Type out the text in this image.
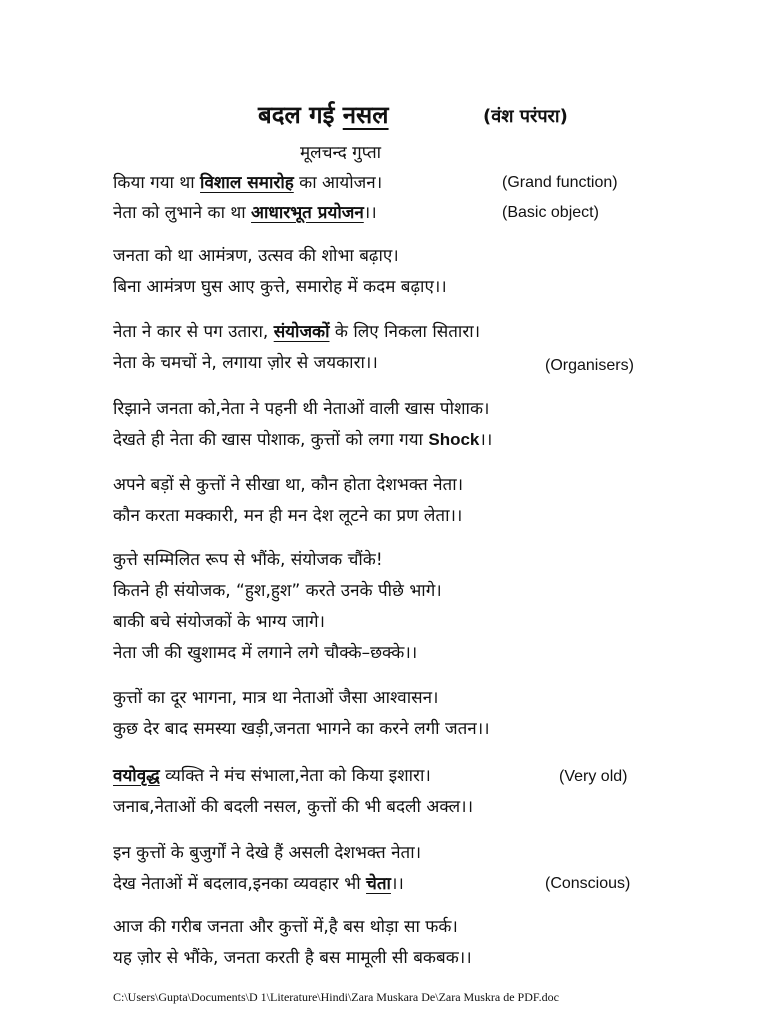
बदल गई नसल	(वंश परंपरा)
मूलचन्द गुप्ता
किया गया था विशाल समारोह का आयोजन।
नेता को लुभाने का था आधारभूत प्रयोजन।।
(Grand function)
(Basic object)
जनता को था आमंत्रण, उत्सव की शोभा बढ़ाए।
बिना आमंत्रण घुस आए कुत्ते, समारोह में कदम बढ़ाए।।
नेता ने कार से पग उतारा, संयोजकों के लिए निकला सितारा।
नेता के चमचों ने, लगाया ज़ोर से जयकारा।।	(Organisers)
रिझाने जनता को,नेता ने पहनी थी नेताओं वाली खास पोशाक।
देखते ही नेता की खास पोशाक, कुत्तों को लगा गया Shock।।
अपने बड़ों से कुत्तों ने सीखा था, कौन होता देशभक्त नेता।
कौन करता मक्कारी, मन ही मन देश लूटने का प्रण लेता।।
कुत्ते सम्मिलित रूप से भौंके, संयोजक चौंके!
कितने ही संयोजक, “हुश,हुश” करते उनके पीछे भागे।
बाकी बचे संयोजकों के भाग्य जागे।
नेता जी की खुशामद में लगाने लगे चौक्के–छक्के।।
कुत्तों का दूर भागना, मात्र था नेताओं जैसा आश्वासन।
कुछ देर बाद समस्या खड़ी,जनता भागने का करने लगी जतन।।
वयोवृद्ध व्यक्ति ने मंच संभाला,नेता को किया इशारा।
जनाब,नेताओं की बदली नसल, कुत्तों की भी बदली अक्ल।।
(Very old)
इन कुत्तों के बुजुर्गों ने देखे हैं असली देशभक्त नेता।
देख नेताओं में बदलाव,इनका व्यवहार भी चेता।।	(Conscious)
आज की गरीब जनता और कुत्तों में,है बस थोड़ा सा फर्क।
यह ज़ोर से भौंके, जनता करती है बस मामूली सी बकबक।।
C:\Users\Gupta\Documents\D 1\Literature\Hindi\Zara Muskara De\Zara Muskra de PDF.doc
